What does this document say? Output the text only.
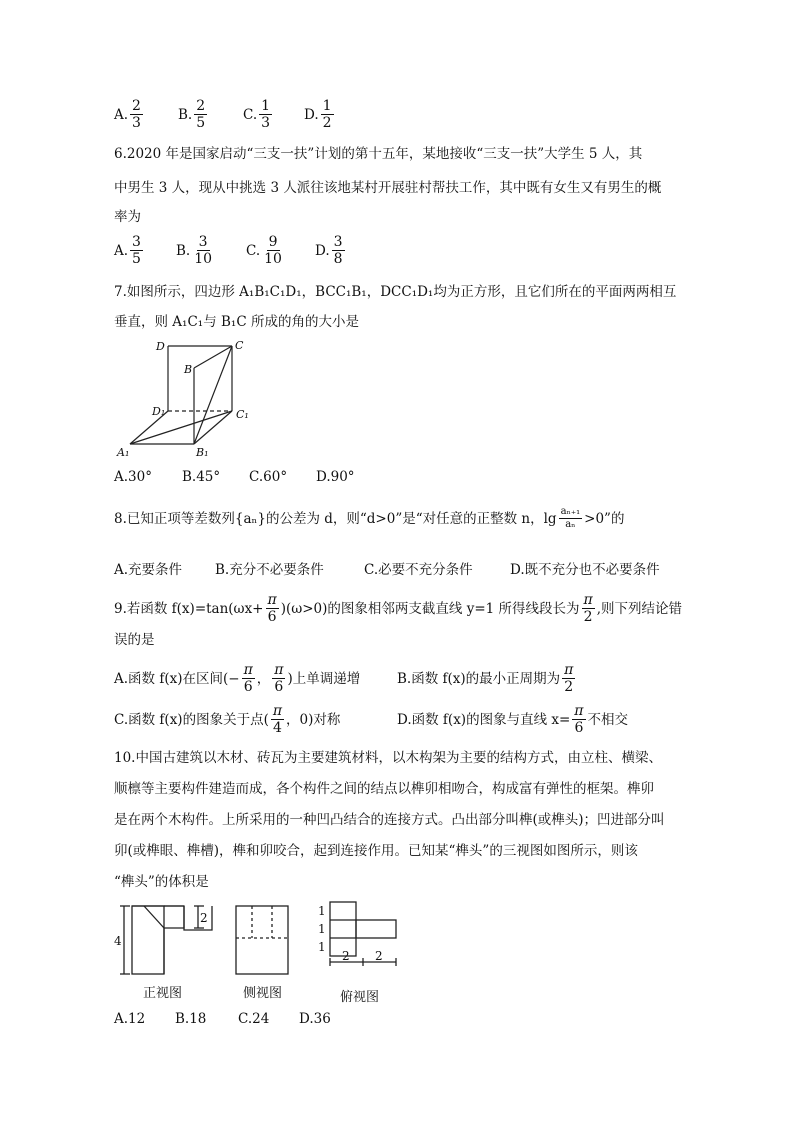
A. $\frac{2}{3}$	B. $\frac{2}{5}$	C. $\frac{1}{3} D$. $\frac{1}{2}$
6.2020 年是国家启动“三支一扶”计划的第十五年，某地接收“三支一扶”大学生 5 人，其
中男生 3 人，现从中挑选 3 人派往该地某村开展驻村帮扶工作，其中既有女生又有男生的概
率为
A. $\frac{3}{5} B$. $\frac{3}{10} C$. $\frac{9}{10} D$. $\frac{3}{8}$
7.如图所示，四边形 A₁B₁C₁D₁，BCC₁B₁，DCC₁D₁均为正方形，且它们所在的平面两两相互
垂直，则 A₁C₁与 B₁C 所成的角的大小是
D	C
B
D₁	C₁
A₁	B₁
A.30° B.45° C.60° D.90°
8.已知正项等差数列{aₙ}的公差为 d，则“d>0”是“对任意的正整数 n，$\lg \frac{\text{aₙ₊₁}}{\text{aₙ}} >0$”的
A.充要条件 B.充分不必要条件	C.必要不充分条件	D.既不充分也不必要条件
9.若函数 $f(x)=\tan(\omega x+ \frac{\pi}{6} )(\omega>0)$的图象相邻两支截直线 y=1 所得线段长为 $\frac{\pi}{2}$ ,则下列结论错
误的是
A.函数 f(x)在区间(− $\frac{\pi}{6}$ ， $\frac{\pi}{6}$ )上单调递增	B.函数 f(x)的最小正周期为 $\frac{\pi}{2}$
C.函数 f(x)的图象关于点( $\frac{\pi}{4}$ ，0)对称	D.函数 f(x)的图象与直线 $x= \frac{\pi}{6}$ 不相交
10.中国古建筑以木材、砖瓦为主要建筑材料，以木构架为主要的结构方式，由立柱、横梁、
顺檩等主要构件建造而成，各个构件之间的结点以榫卯相吻合，构成富有弹性的框架。榫卯
是在两个木构件。上所采用的一种凹凸结合的连接方式。凸出部分叫榫(或榫头)；凹进部分叫
卯(或榫眼、榫槽)，榫和卯咬合，起到连接作用。已知某“榫头”的三视图如图所示，则该
“榫头”的体积是
4
2	1
1
1
2 2
正视图	侧视图	俯视图
A.12 B.18 C.24 D.36
